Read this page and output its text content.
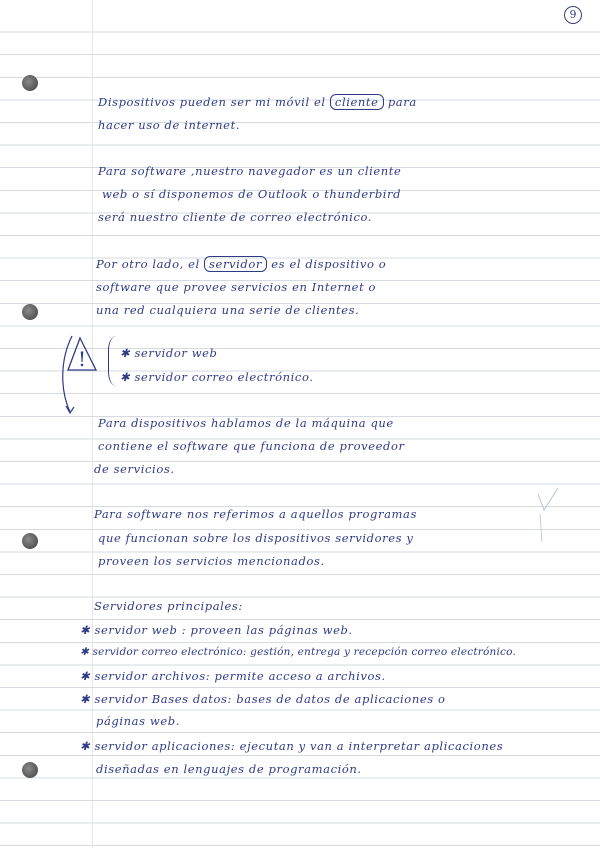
9
Dispositivos pueden ser mi móvil el cliente para
hacer uso de internet.
Para software ,nuestro navegador es un cliente
web o sí disponemos de Outlook o thunderbird
será nuestro cliente de correo electrónico.
Por otro lado, el servidor es el dispositivo o
software que provee servicios en Internet o
una red cualquiera una serie de clientes.
!	✱ servidor web
✱ servidor correo electrónico.
Para dispositivos hablamos de la máquina que
contiene el software que funciona de proveedor
de servicios.
Para software nos referimos a aquellos programas
que funcionan sobre los dispositivos servidores y
proveen los servicios mencionados.
Servidores principales:
✱ servidor web : proveen las páginas web.
✱ servidor correo electrónico: gestión, entrega y recepción correo electrónico.
✱ servidor archivos: permite acceso a archivos.
✱ servidor Bases datos: bases de datos de aplicaciones o
páginas web.
✱ servidor aplicaciones: ejecutan y van a interpretar aplicaciones
diseñadas en lenguajes de programación.
